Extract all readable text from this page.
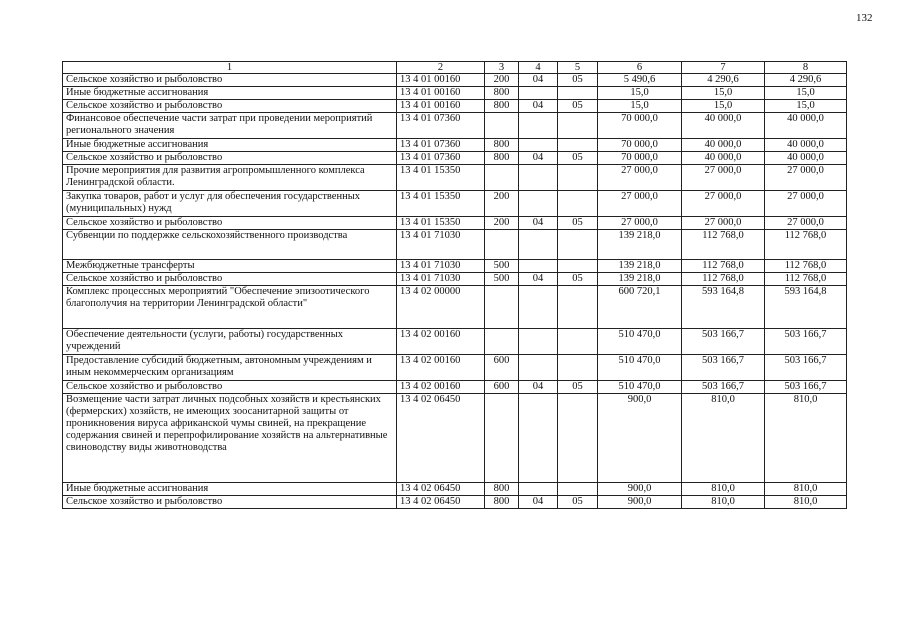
132
1	2	3	4	5	6	7	8
Сельское хозяйство и рыболовство	13 4 01 00160	200	04	05	5 490,6	4 290,6	4 290,6
Иные бюджетные ассигнования	13 4 01 00160	800			15,0	15,0	15,0
Сельское хозяйство и рыболовство	13 4 01 00160	800	04	05	15,0	15,0	15,0
Финансовое обеспечение части затрат при проведении мероприятий регионального значения	13 4 01 07360				70 000,0	40 000,0	40 000,0
Иные бюджетные ассигнования	13 4 01 07360	800			70 000,0	40 000,0	40 000,0
Сельское хозяйство и рыболовство	13 4 01 07360	800	04	05	70 000,0	40 000,0	40 000,0
Прочие мероприятия для развития агропромышленного комплекса Ленинградской области.	13 4 01 15350				27 000,0	27 000,0	27 000,0
Закупка товаров, работ и услуг для обеспечения государственных (муниципальных) нужд	13 4 01 15350	200			27 000,0	27 000,0	27 000,0
Сельское хозяйство и рыболовство	13 4 01 15350	200	04	05	27 000,0	27 000,0	27 000,0
Субвенции по поддержке сельскохозяйственного производства	13 4 01 71030				139 218,0	112 768,0	112 768,0
Межбюджетные трансферты	13 4 01 71030	500			139 218,0	112 768,0	112 768,0
Сельское хозяйство и рыболовство	13 4 01 71030	500	04	05	139 218,0	112 768,0	112 768,0
Комплекс процессных мероприятий "Обеспечение эпизоотического благополучия на территории Ленинградской области"	13 4 02 00000				600 720,1	593 164,8	593 164,8
Обеспечение деятельности (услуги, работы) государственных учреждений	13 4 02 00160				510 470,0	503 166,7	503 166,7
Предоставление субсидий бюджетным, автономным учреждениям и иным некоммерческим организациям	13 4 02 00160	600			510 470,0	503 166,7	503 166,7
Сельское хозяйство и рыболовство	13 4 02 00160	600	04	05	510 470,0	503 166,7	503 166,7
Возмещение части затрат личных подсобных хозяйств и крестьянских (фермерских) хозяйств, не имеющих зоосанитарной защиты от проникновения вируса африканской чумы свиней, на прекращение содержания свиней и перепрофилирование хозяйств на альтернативные свиноводству виды животноводства	13 4 02 06450				900,0	810,0	810,0
Иные бюджетные ассигнования	13 4 02 06450	800			900,0	810,0	810,0
Сельское хозяйство и рыболовство	13 4 02 06450	800	04	05	900,0	810,0	810,0
